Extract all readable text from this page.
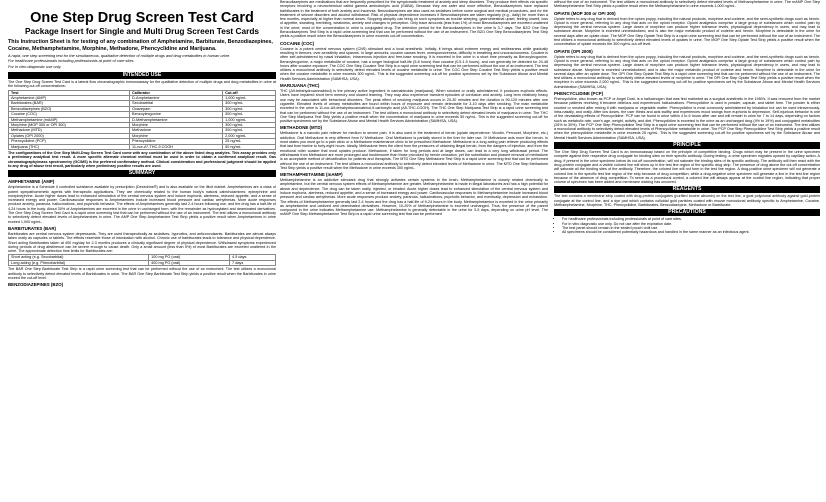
One Step Drug Screen Test Card
Package Insert for Single and Multi Drug Screen Test Cards
This Instruction Sheet is for testing of any combination of Amphetamine, Barbiturate, Benzodiazepines, Cocaine, Methamphetamine, Morphine, Methadone, Phencyclidine and Marijuana.
A rapid, one step screening test for the simultaneous, qualitative detection of multiple drugs and drug metabolites in human urine.
For healthcare professionals including professionals at point of care sites.
For in vitro diagnostic use only.
INTENDED USE

The One Step Drug Screen Test Card is a lateral flow chromatographic immunoassay for the qualitative detection of multiple drugs and drug metabolites in urine at the following cut-off concentrations:

Test	Calibrator	Cut-off
Amphetamine (AMP)	D-Amphetamine	1,000 ng/mL
Barbiturates (BAR)	Secobarbital	300 ng/mL
Benzodiazepines (BZO)	Oxazepam	300 ng/mL
Cocaine (COC)	Benzoylecgonine	300 ng/mL
Methamphetamine (mAMP)	D-Methamphetamine	1,000 ng/mL
Morphine (MOP 300 or OPI 300)	Morphine	300 ng/mL
Methadone (MTD)	Methadone	300 ng/mL
Opiates (OPI 2000)	Morphine	2,000 ng/mL
Phencyclidine (PCP)	Phencyclidine	25 ng/mL
Marijuana (THC)	11-nor-Δ⁹-THC-9 COOH	50 ng/mL

The configurations of the One Step Multi-Drug Screen Test Card come with any combination of the above listed drug analytes. This assay provides only a preliminary analytical test result. A more specific alternate chemical method must be used in order to obtain a confirmed analytical result. Gas chromatography/mass spectrometry (GC/MS) is the preferred confirmatory method. Clinical consideration and professional judgment should be applied to any drug of abuse test result, particularly when preliminary positive results are used.

SUMMARY
AMPHETAMINE (AMP)

Amphetamine is a Schedule II controlled substance available by prescription (Dexedrine®) and is also available on the illicit market. Amphetamines are a class of potent sympathomimetic agents with therapeutic applications. They are chemically related to the human body's natural catecholamines: epinephrine and norepinephrine. Acute higher doses lead to enhanced stimulation of the central nervous system and induce euphoria, alertness, reduced appetite, and a sense of increased energy and power. Cardiovascular responses to Amphetamines include increased blood pressure and cardiac arrhythmias. More acute responses produce anxiety, paranoia, hallucinations, and psychotic behavior. The effects of Amphetamines generally last 2-4 hours following use, and the drug has a half-life of 4-24 hours in the body. About 30% of Amphetamines are excreted in the urine in unchanged form, with the remainder as hydroxylated and deaminated derivatives. The One Step Drug Screen Test Card is a rapid urine screening test that can be performed without the use of an instrument. The test utilizes a monoclonal antibody to selectively detect elevated levels of Amphetamines in urine. The AMP One Step Amphetamine Test Strip yields a positive result when Amphetamines in urine exceed 1,000 ng/mL.

BARBITURATES (BAR)

Barbiturates are central nervous system depressants. They are used therapeutically as sedatives, hypnotics, and anticonvulsants. Barbiturates are almost always taken orally as capsules or tablets. The effects resemble those of intoxication with alcohol. Chronic use of barbiturates leads to tolerance and physical dependence. Short acting Barbiturates taken at 400 mg/day for 2-3 months produces a clinically significant degree of physical dependence. Withdrawal symptoms experienced during periods of drug abstinence can be severe enough to cause death. Only a small amount (less than 5%) of most Barbiturates are excreted unaltered in the urine. The approximate detection time limits for Barbiturates are:

Short acting (e.g. Secobarbital)	100 mg PO (oral)	4.5 days
Long acting (e.g. Phenobarbital)	400 mg PO (oral)	7 days

The BAR One Step Barbiturate Test Strip is a rapid urine screening test that can be performed without the use of an instrument. The test utilizes a monoclonal antibody to selectively detect elevated levels of Barbiturates in urine. The BAR One Step Barbiturate Test Strip yields a positive result when the Barbiturates in urine exceed the cut-off level.

BENZODIAZEPINES (BZO)

Benzodiazepines are medications that are frequently prescribed for the symptomatic treatment of anxiety and sleep disorders. They produce their effects via specific receptors involving a neurochemical called gamma aminobutyric acid (GABA). Because they are safer and more effective, Benzodiazepines have replaced barbiturates in the treatment of both anxiety and insomnia. Benzodiazepines are also used as sedatives before some surgical and medical procedures, and for the treatment of seizure disorders and alcohol withdrawal. Risk of physical dependence increases if Benzodiazepines are taken regularly (e.g., daily) for more than a few months, especially at higher than normal doses. Stopping abruptly can bring on such symptoms as trouble sleeping, gastrointestinal upset, feeling unwell, loss of appetite, sweating, trembling, weakness, anxiety and changes in perception. Only trace amounts (less than 1%) of most Benzodiazepines are excreted unaltered in the urine; most of the concentration in urine is conjugated drug. The detection period for the Benzodiazepines in the urine is 3-7 days. The BZO One Step Benzodiazepines Test Strip is a rapid urine-screening test that can be performed without the use of an instrument. The BZO One Step Benzodiazepines Test Strip yields a positive result when the Benzodiazepines in urine exceeds cut-off concentration.

COCAINE (COC)

Cocaine is a potent central nervous system (CNS) stimulant and a local anesthetic. Initially, it brings about extreme energy and restlessness while gradually resulting in tremors, over-sensitivity and spasms. In large amounts, cocaine causes fever, unresponsiveness, difficulty in breathing and unconsciousness. Cocaine is often self-administered by nasal inhalation, intravenous injection and free-base smoking. It is excreted in the urine in a short time primarily as Benzoylecgonine. Benzoylecgonine, a major metabolite of cocaine, has a longer biological half-life (5-8 hours) than cocaine (0.5-1.5 hours), and can generally be detected for 24-48 hours after cocaine exposure. The COC One Step Cocaine Test Strip is a rapid urine screening test that can be performed without the use of an instrument. The test utilizes a monoclonal antibody to selectively detect elevated levels of cocaine metabolite in urine. The COC One Step Cocaine Test Strip yields a positive result when the cocaine metabolite in urine exceeds 300 ng/mL. This is the suggested screening cut-off for positive specimens set by the Substance Abuse and Mental Health Services Administration (SAMHSA, USA).

MARIJUANA (THC)

THC (Δ9-tetrahydrocannabinol) is the primary active ingredient in cannabinoids (marijuana). When smoked or orally administered, it produces euphoric effects. Users have impaired short term memory and slowed learning. They may also experience transient episodes of confusion and anxiety. Long term relatively heavy use may be associated with behavioral disorders. The peak effect of smoking marijuana occurs in 20-30 minutes and the duration is 90-120 minutes after one cigarette. Elevated levels of urinary metabolites are found within hours of exposure and remain detectable for 3-10 days after smoking. The main metabolite excreted in the urine is 11-nor-Δ9-tetrahydrocannabinol-9-carboxylic acid (Δ9-THC-COOH). The THC One Step Marijuana Test Strip is a rapid urine screening test that can be performed without the use of an instrument. The test utilizes a monoclonal antibody to selectively detect elevated levels of marijuana in urine. The THC One Step Marijuana Test Strip yields a positive result when the concentration of marijuana in urine exceeds 50 ng/mL. This is the suggested screening cut-off for positive specimens set by the Substance Abuse and Mental Health Services Administration (SAMHSA, USA).

METHADONE (MTD)

Methadone is a narcotic pain reliever for medium to severe pain. It is also used in the treatment of heroin (opiate dependence: Vicodin, Percocet, Morphine, etc.) addiction. Oral Methadone is very different from IV Methadone. Oral Methadone is partially stored in the liver for later use. IV Methadone acts more like heroin. In most states you must go to a pain clinic or a Methadone maintenance clinic to be prescribed Methadone. Methadone is a long acting pain reliever producing effects that last from twelve to forty-eight hours. Ideally, Methadone frees the client from the pressures of obtaining illegal heroin, from the dangers of injection, and from the emotional roller coaster that most opiates produce. Methadone, if taken for long periods and at large doses, can lead to a very long withdrawal period. The withdrawals from Methadone are more prolonged and troublesome than those provoked by heroin cessation, yet the substitution and phased removal of methadone is an acceptable method of detoxification for patients and therapists. The MTD One Step Methadone Test Strip is a rapid urine screening test that can be performed without the use of an instrument. The test utilizes a monoclonal antibody to selectively detect elevated levels of Methadone in urine. The MTD One Step Methadone Test Strip yields a positive result when the Methadone in urine exceeds 300 ng/mL.

METHAMPHETAMINE (mAMP)

Methamphetamine is an addictive stimulant drug that strongly activates certain systems in the brain. Methamphetamine is closely related chemically to amphetamine, but the central nervous system effects of Methamphetamine are greater. Methamphetamine is made in illegal laboratories and has a high potential for abuse and dependence. The drug can be taken orally, injected, or inhaled. Acute higher doses lead to enhanced stimulation of the central nervous system and induce euphoria, alertness, reduced appetite, and a sense of increased energy and power. Cardiovascular responses to Methamphetamine include increased blood pressure and cardiac arrhythmias. More acute responses produce anxiety, paranoia, hallucinations, psychotic behavior, and eventually, depression and exhaustion. The effects of Methamphetamine generally last 2-4 hours and the drug has a half-life of 9-24 hours in the body. Methamphetamine is excreted in the urine primarily as amphetamine and oxidized and deaminated derivatives. However, 10-20% of Methamphetamine is excreted unchanged. Thus, the presence of the parent compound in the urine indicates Methamphetamine use. Methamphetamine is generally detectable in the urine for 3-5 days, depending on urine pH level. The mAMP One Step Methamphetamine Test Strip is a rapid urine screening test that can be performed

without the use of an instrument. The test utilizes a monoclonal antibody to selectively detect elevated levels of Methamphetamine in urine. The mAMP One Step Methamphetamine Test Strip yields a positive result when the Methamphetamine in urine exceeds 1,000 ng/mL.

OPIATE (MOP 300 or OPI 300)

Opiate refers to any drug that is derived from the opium poppy, including the natural products, morphine and codeine, and the semi-synthetic drugs such as heroin. Opioid is more general, referring to any drug that acts on the opioid receptor. Opioid analgesics comprise a large group of substances which control pain by depressing the central nervous system. Large doses of morphine can produce higher tolerance levels, physiological dependency in users, and may lead to substance abuse. Morphine is excreted unmetabolized, and is also the major metabolic product of codeine and heroin. Morphine is detectable in the urine for several days after an opiate dose. The MOP One Step Opiate Test Strip is a rapid urine screening test that can be performed without the use of an instrument. The test utilizes a monoclonal antibody to selectively detect elevated levels of opiates in urine. The MOP One Step Opiate Test Strip yields a positive result when the concentration of opiate exceeds the 300 ng/mL cut-off level.

OPIATE (OPI 2000)

Opiate refers to any drug that is derived from the opium poppy, including the natural products, morphine and codeine, and the semi-synthetic drugs such as heroin. Opioid is more general, referring to any drug that acts on the opioid receptor. Opioid analgesics comprise a large group of substances which control pain by depressing the central nervous system. Large doses of morphine can produce higher tolerance levels, physiological dependency in users, and may lead to substance abuse. Morphine is excreted unmetabolized, and is also the major metabolic product of codeine and heroin. Morphine is detectable in the urine for several days after an opiate dose. The OPI One Step Opiate Test Strip is a rapid urine screening test that can be performed without the use of an instrument. The test utilizes a monoclonal antibody to selectively detect elevated levels of morphine in urine. The OPI One Step Opiate Test Strip yields a positive result when the morphine in urine exceeds 2,000 ng/mL. This is the suggested screening cut-off for positive specimens set by the Substance Abuse and Mental Health Services Administration (SAMHSA, USA).

PHENCYCLIDINE (PCP)

Phencyclidine, also known as PCP or Angel Dust, is a hallucinogen that was first marketed as a surgical anesthetic in the 1950's. It was removed from the market because patients receiving it became delirious and experienced hallucinations. Phencyclidine is used in powder, capsule, and tablet form. The powder is either snorted or smoked after mixing it with marijuana or vegetable matter. Phencyclidine is most commonly administered by inhalation but can be used intravenously, intra-nasally, and orally. After low doses, the user thinks and acts swiftly and experiences mood swings from euphoria to depression. Self-injurious behavior is one of the devastating effects of Phencyclidine. PCP can be found in urine within 4 to 6 hours after use and will remain in urine for 7 to 14 days, depending on factors such as metabolic rate, user's age, weight, activity, and diet. Phencyclidine is excreted in the urine as an unchanged drug (4% to 19%) and conjugated metabolites (25% to 30%). The PCP One Step Phencyclidine Test Strip is a rapid urine screening test that can be performed without the use of an instrument. The test utilizes a monoclonal antibody to selectively detect elevated levels of Phencyclidine metabolite in urine. The PCP One Step Phencyclidine Test Strip yields a positive result when the phencyclidine metabolite in urine exceeds 25 ng/mL. This is the suggested screening cut-off for positive specimens set by the Substance Abuse and Mental Health Services Administration (SAMHSA, USA).

PRINCIPLE

The One Step Drug Screen Test Card is an immunoassay based on the principle of competitive binding. Drugs which may be present in the urine specimen compete against their respective drug conjugate for binding sites on their specific antibody. During testing, a urine specimen migrates upward by capillary action. A drug, if present in the urine specimen below its cut-off concentration, will not saturate the binding sites of its specific antibody. The antibody will then react with the drug-protein conjugate and a visible colored line will show up in the test line region of the specific drug strip. The presence of drug above the cut-off concentration will saturate all the binding sites of the antibody. Therefore, the colored line will not form in the test line region. A drug-positive urine specimen will not generate a colored line in the specific test line region of the strip because of drug competition, while a drug-negative urine specimen will generate a line in the test line region because of the absence of drug competition. To serve as a procedural control, a colored line will always appear at the control line region, indicating that proper volume of specimen has been added and membrane wicking has occurred.

REAGENTS

The test contains a membrane strip coated with drug-protein conjugates (purified bovine albumin) on the test line, a goat polyclonal antibody against gold-protein conjugate at the control line, and a dye pad which contains colloidal gold particles coated with mouse monoclonal antibody specific to Amphetamine, Cocaine, Methamphetamine, Morphine, THC, Phencyclidine, Barbiturates, Benzodiazepine, Methadone or Barbiturate.

PRECAUTIONS
• For healthcare professionals including professionals at point of care sites.
• For in vitro diagnostic use only. Do not use after the expiration date.
• The test panel should remain in the sealed pouch until use.
• All specimens should be considered potentially hazardous and handled in the same manner as an infectious agent.
